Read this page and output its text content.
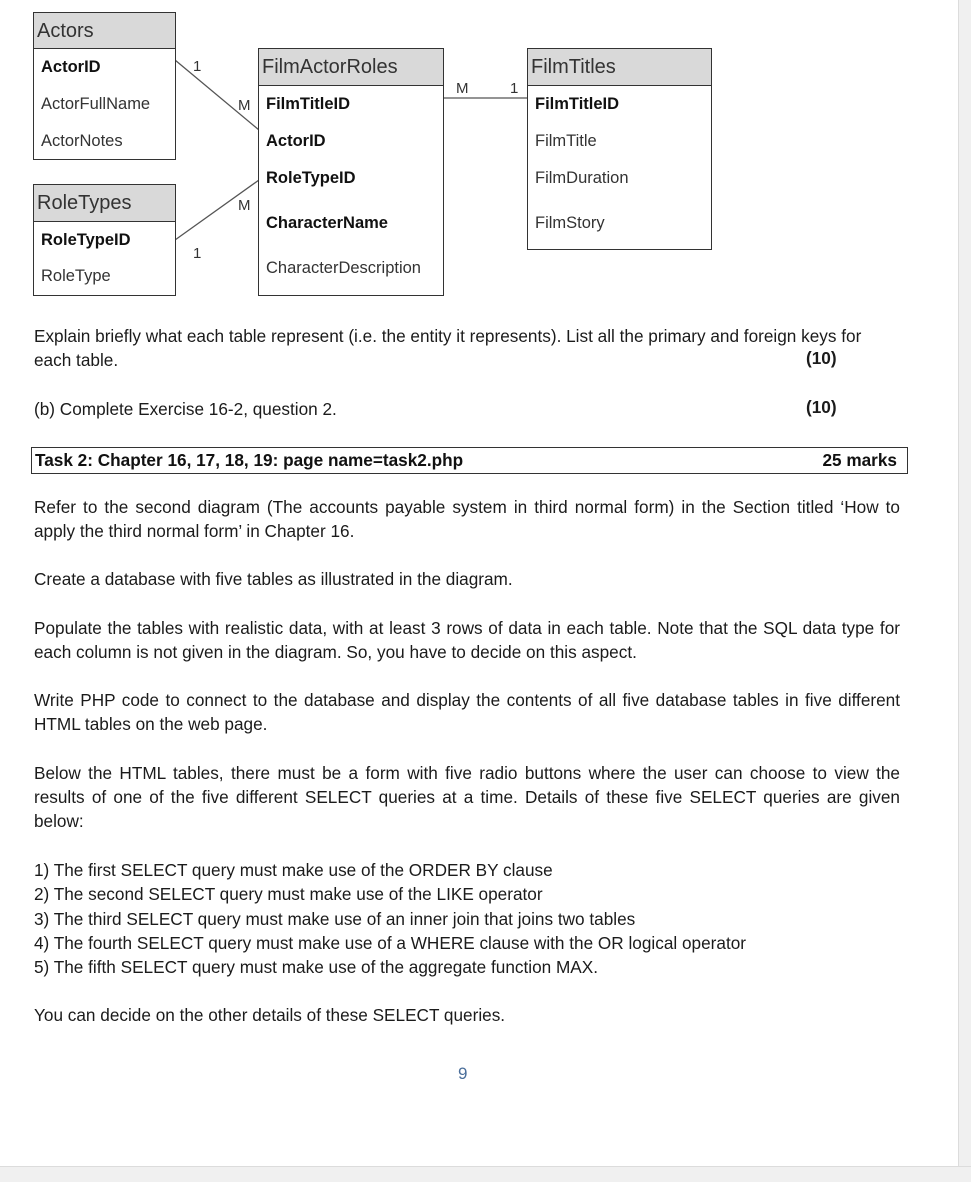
Actors
ActorID
ActorFullName
ActorNotes
RoleTypes
RoleTypeID
RoleType
FilmActorRoles
FilmTitleID
ActorID
RoleTypeID
CharacterName
CharacterDescription
FilmTitles
FilmTitleID
FilmTitle
FilmDuration
FilmStory
1
M
M
1
M	1
Explain briefly what each table represent (i.e. the entity it represents). List all the primary and foreign keys for each table.	(10)
(b) Complete Exercise 16-2, question 2.	(10)
Task 2: Chapter 16, 17, 18, 19: page name=task2.php	25 marks
Refer to the second diagram (The accounts payable system in third normal form) in the Section titled ‘How to apply the third normal form’ in Chapter 16.
Create a database with five tables as illustrated in the diagram.
Populate the tables with realistic data, with at least 3 rows of data in each table. Note that the SQL data type for each column is not given in the diagram. So, you have to decide on this aspect.
Write PHP code to connect to the database and display the contents of all five database tables in five different HTML tables on the web page.
Below the HTML tables, there must be a form with five radio buttons where the user can choose to view the results of one of the five different SELECT queries at a time. Details of these five SELECT queries are given below:
1) The first SELECT query must make use of the ORDER BY clause
2) The second SELECT query must make use of the LIKE operator
3) The third SELECT query must make use of an inner join that joins two tables
4) The fourth SELECT query must make use of a WHERE clause with the OR logical operator
5) The fifth SELECT query must make use of the aggregate function MAX.
You can decide on the other details of these SELECT queries.
9
